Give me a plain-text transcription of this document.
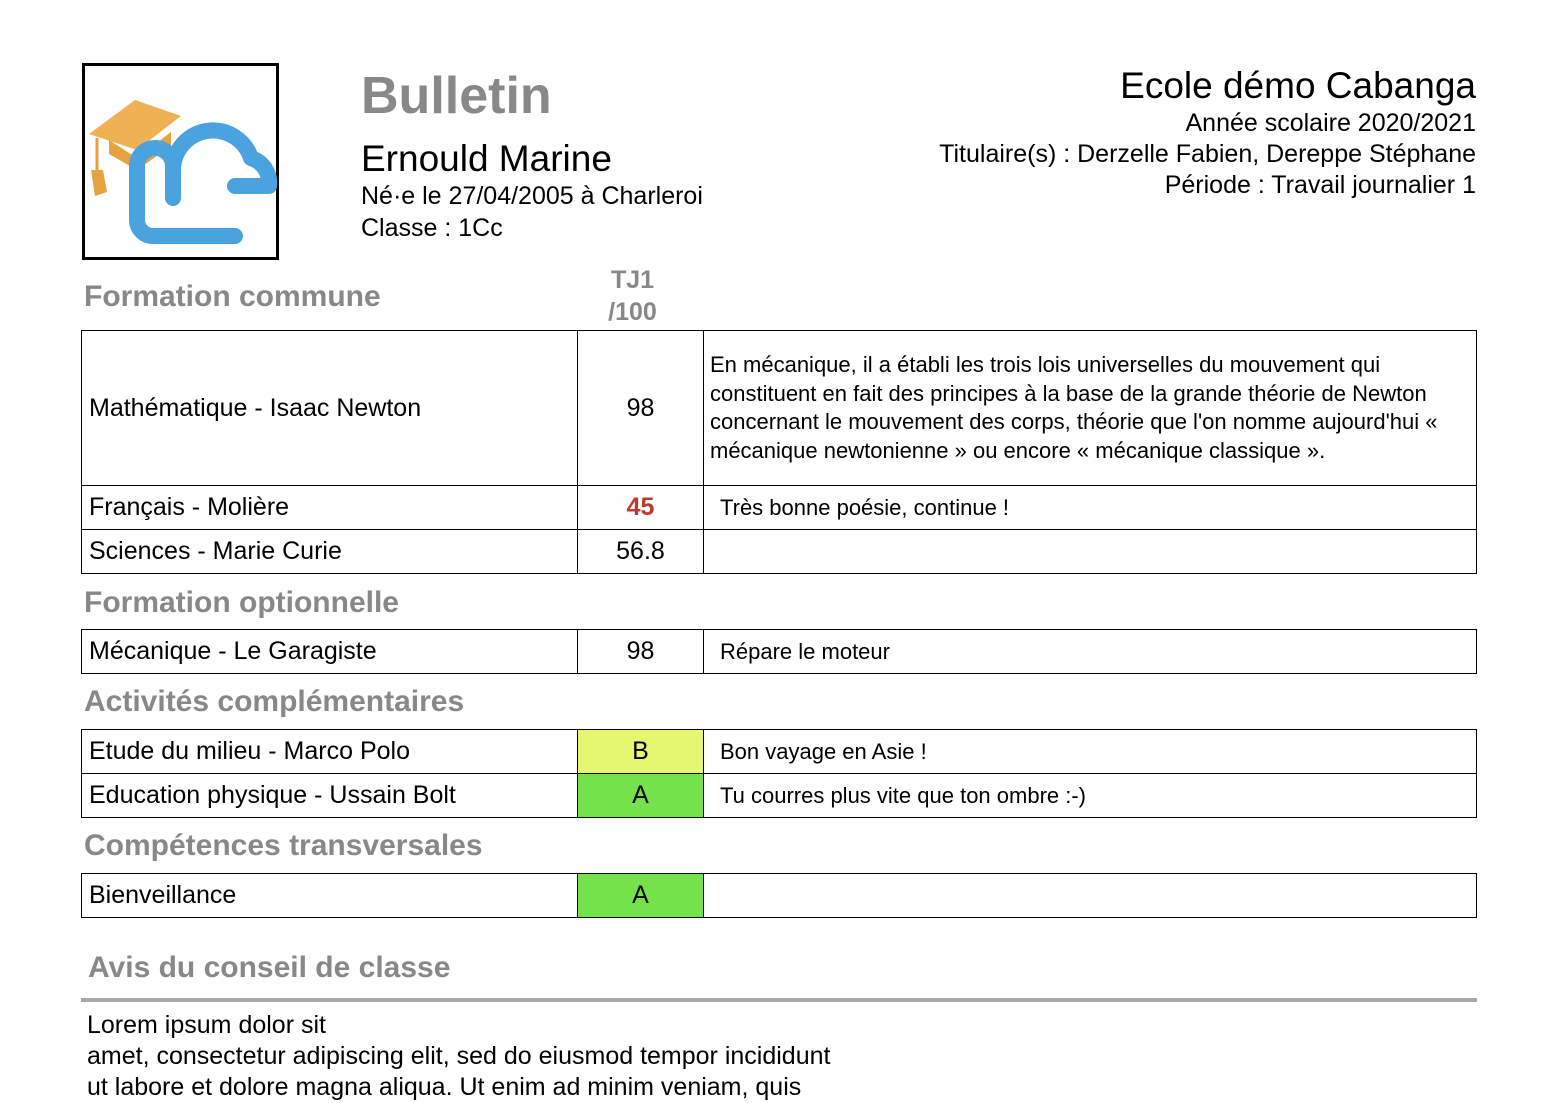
Bulletin
Ernould Marine
Né·e le 27/04/2005 à Charleroi
Classe : 1Cc
Ecole démo Cabanga
Année scolaire 2020/2021
Titulaire(s) : Derzelle Fabien, Dereppe Stéphane
Période : Travail journalier 1
Formation commune	TJ1
/100
Mathématique - Isaac Newton	98	En mécanique, il a établi les trois lois universelles du mouvement qui constituent en fait des principes à la base de la grande théorie de Newton concernant le mouvement des corps, théorie que l'on nomme aujourd'hui « mécanique newtonienne » ou encore « mécanique classique ».
Français - Molière	45	Très bonne poésie, continue !
Sciences - Marie Curie	56.8	
Formation optionnelle
Mécanique - Le Garagiste	98	Répare le moteur
Activités complémentaires
Etude du milieu - Marco Polo	B	Bon vayage en Asie !
Education physique - Ussain Bolt	A	Tu courres plus vite que ton ombre :-)
Compétences transversales
Bienveillance	A	
Avis du conseil de classe
Lorem ipsum dolor sit
amet, consectetur adipiscing elit, sed do eiusmod tempor incididunt
ut labore et dolore magna aliqua. Ut enim ad minim veniam, quis
